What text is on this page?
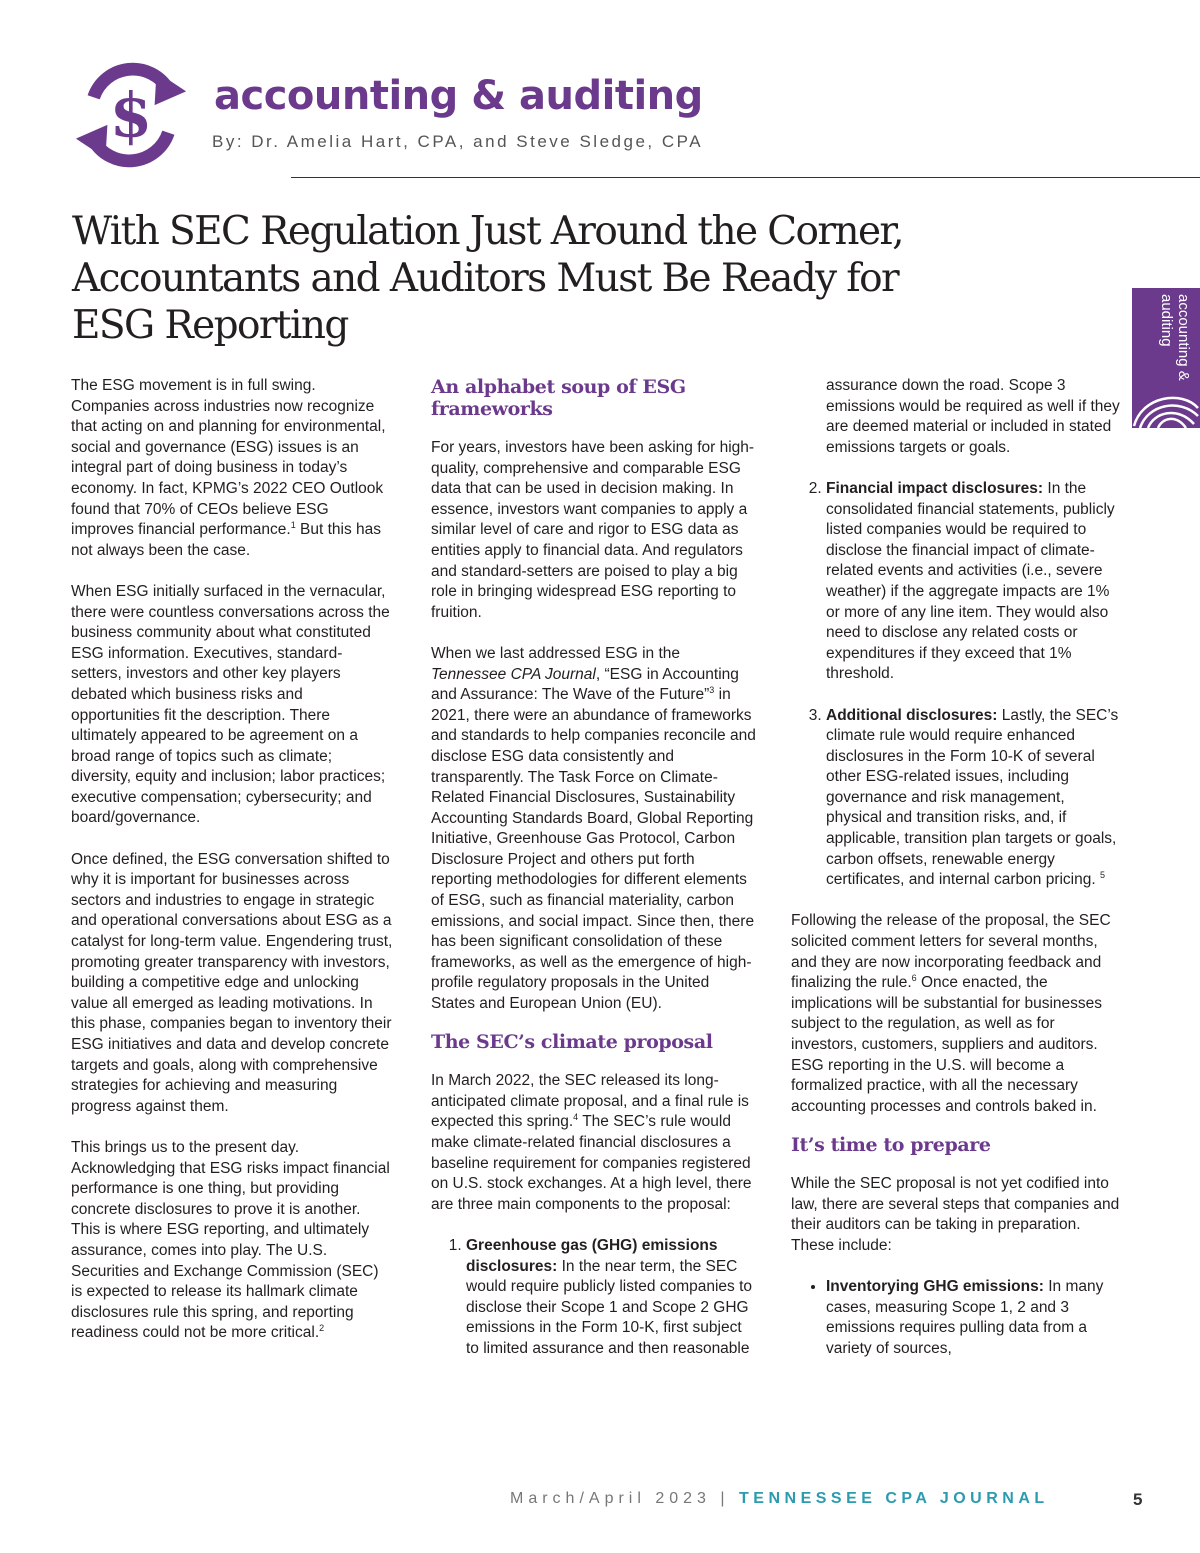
$ accounting & auditing
By: Dr. Amelia Hart, CPA, and Steve Sledge, CPA
With SEC Regulation Just Around the Corner, Accountants and Auditors Must Be Ready for ESG Reporting	accounting & auditing

The ESG movement is in full swing. Companies across industries now recognize that acting on and planning for environmental, social and governance (ESG) issues is an integral part of doing business in today’s economy. In fact, KPMG’s 2022 CEO Outlook found that 70% of CEOs believe ESG improves financial performance.$^1$ But this has not always been the case.

When ESG initially surfaced in the vernacular, there were countless conversations across the business community about what constituted ESG information. Executives, standard-setters, investors and other key players debated which business risks and opportunities fit the description. There ultimately appeared to be agreement on a broad range of topics such as climate; diversity, equity and inclusion; labor practices; executive compensation; cybersecurity; and board/governance.

Once defined, the ESG conversation shifted to why it is important for businesses across sectors and industries to engage in strategic and operational conversations about ESG as a catalyst for long-term value. Engendering trust, promoting greater transparency with investors, building a competitive edge and unlocking value all emerged as leading motivations. In this phase, companies began to inventory their ESG initiatives and data and develop concrete targets and goals, along with comprehensive strategies for achieving and measuring progress against them.

This brings us to the present day. Acknowledging that ESG risks impact financial performance is one thing, but providing concrete disclosures to prove it is another. This is where ESG reporting, and ultimately assurance, comes into play. The U.S. Securities and Exchange Commission (SEC) is expected to release its hallmark climate disclosures rule this spring, and reporting readiness could not be more critical.$^2$

An alphabet soup of ESG frameworks

For years, investors have been asking for high-quality, comprehensive and comparable ESG data that can be used in decision making. In essence, investors want companies to apply a similar level of care and rigor to ESG data as entities apply to financial data. And regulators and standard-setters are poised to play a big role in bringing widespread ESG reporting to fruition.

When we last addressed ESG in the Tennessee CPA Journal, “ESG in Accounting and Assurance: The Wave of the Future”$^3$ in 2021, there were an abundance of frameworks and standards to help companies reconcile and disclose ESG data consistently and transparently. The Task Force on Climate-Related Financial Disclosures, Sustainability Accounting Standards Board, Global Reporting Initiative, Greenhouse Gas Protocol, Carbon Disclosure Project and others put forth reporting methodologies for different elements of ESG, such as financial materiality, carbon emissions, and social impact. Since then, there has been significant consolidation of these frameworks, as well as the emergence of high-profile regulatory proposals in the United States and European Union (EU).

The SEC’s climate proposal

In March 2022, the SEC released its long-anticipated climate proposal, and a final rule is expected this spring.$^4$ The SEC’s rule would make climate-related financial disclosures a baseline requirement for companies registered on U.S. stock exchanges. At a high level, there are three main components to the proposal:

1. Greenhouse gas (GHG) emissions disclosures: In the near term, the SEC would require publicly listed companies to disclose their Scope 1 and Scope 2 GHG emissions in the Form 10-K, first subject to limited assurance and then reasonable
assurance down the road. Scope 3 emissions would be required as well if they are deemed material or included in stated emissions targets or goals.
2. Financial impact disclosures: In the consolidated financial statements, publicly listed companies would be required to disclose the financial impact of climate-related events and activities (i.e., severe weather) if the aggregate impacts are 1% or more of any line item. They would also need to disclose any related costs or expenditures if they exceed that 1% threshold.
3. Additional disclosures: Lastly, the SEC’s climate rule would require enhanced disclosures in the Form 10-K of several other ESG-related issues, including governance and risk management, physical and transition risks, and, if applicable, transition plan targets or goals, carbon offsets, renewable energy certificates, and internal carbon pricing. $^5$

Following the release of the proposal, the SEC solicited comment letters for several months, and they are now incorporating feedback and finalizing the rule.$^6$ Once enacted, the implications will be substantial for businesses subject to the regulation, as well as for investors, customers, suppliers and auditors. ESG reporting in the U.S. will become a formalized practice, with all the necessary accounting processes and controls baked in.

It’s time to prepare

While the SEC proposal is not yet codified into law, there are several steps that companies and their auditors can be taking in preparation. These include:

• Inventorying GHG emissions: In many cases, measuring Scope 1, 2 and 3 emissions requires pulling data from a variety of sources,
March/April 2023 | TENNESSEE CPA JOURNAL	5
